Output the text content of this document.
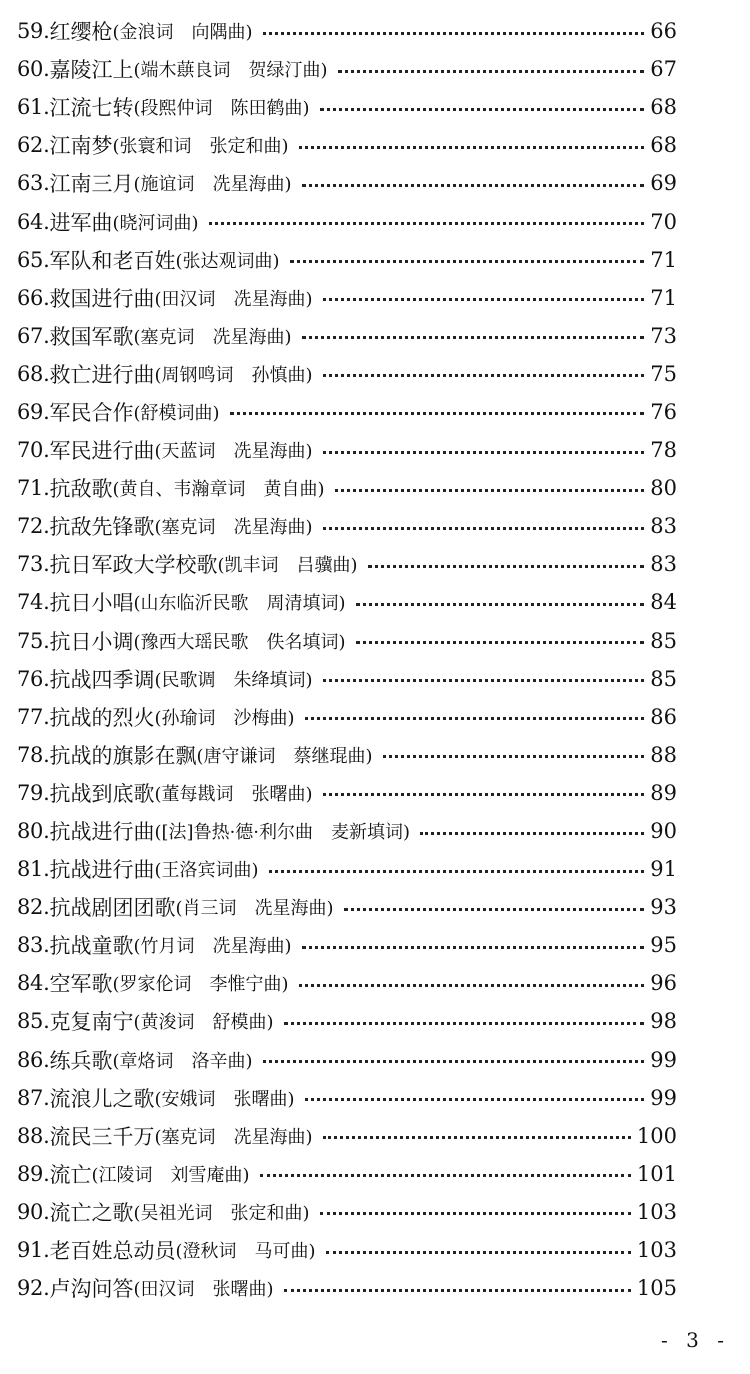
59. 红缨枪 (金浪词　向隅曲)	66
60. 嘉陵江上 (端木蕻良词　贺绿汀曲)	67
61. 江流七转 (段熙仲词　陈田鹤曲)	68
62. 江南梦 (张寰和词　张定和曲)	68
63. 江南三月 (施谊词　冼星海曲)	69
64. 进军曲 (晓河词曲)	70
65. 军队和老百姓 (张达观词曲)	71
66. 救国进行曲 (田汉词　冼星海曲)	71
67. 救国军歌 (塞克词　冼星海曲)	73
68. 救亡进行曲 (周钢鸣词　孙慎曲)	75
69. 军民合作 (舒模词曲)	76
70. 军民进行曲 (天蓝词　冼星海曲)	78
71. 抗敌歌 (黄自、韦瀚章词　黄自曲)	80
72. 抗敌先锋歌 (塞克词　冼星海曲)	83
73. 抗日军政大学校歌 (凯丰词　吕骥曲)	83
74. 抗日小唱 (山东临沂民歌　周清填词)	84
75. 抗日小调 (豫西大瑶民歌　佚名填词)	85
76. 抗战四季调 (民歌调　朱绛填词)	85
77. 抗战的烈火 (孙瑜词　沙梅曲)	86
78. 抗战的旗影在飘 (唐守谦词　蔡继琨曲)	88
79. 抗战到底歌 (董每戡词　张曙曲)	89
80. 抗战进行曲 ([法]鲁热·德·利尔曲　麦新填词)	90
81. 抗战进行曲 (王洛宾词曲)	91
82. 抗战剧团团歌 (肖三词　冼星海曲)	93
83. 抗战童歌 (竹月词　冼星海曲)	95
84. 空军歌 (罗家伦词　李惟宁曲)	96
85. 克复南宁 (黄浚词　舒模曲)	98
86. 练兵歌 (章烙词　洛辛曲)	99
87. 流浪儿之歌 (安娥词　张曙曲)	99
88. 流民三千万 (塞克词　冼星海曲)	100
89. 流亡 (江陵词　刘雪庵曲)	101
90. 流亡之歌 (吴祖光词　张定和曲)	103
91. 老百姓总动员 (澄秋词　马可曲)	103
92. 卢沟问答 (田汉词　张曙曲)	105
- 3 -
